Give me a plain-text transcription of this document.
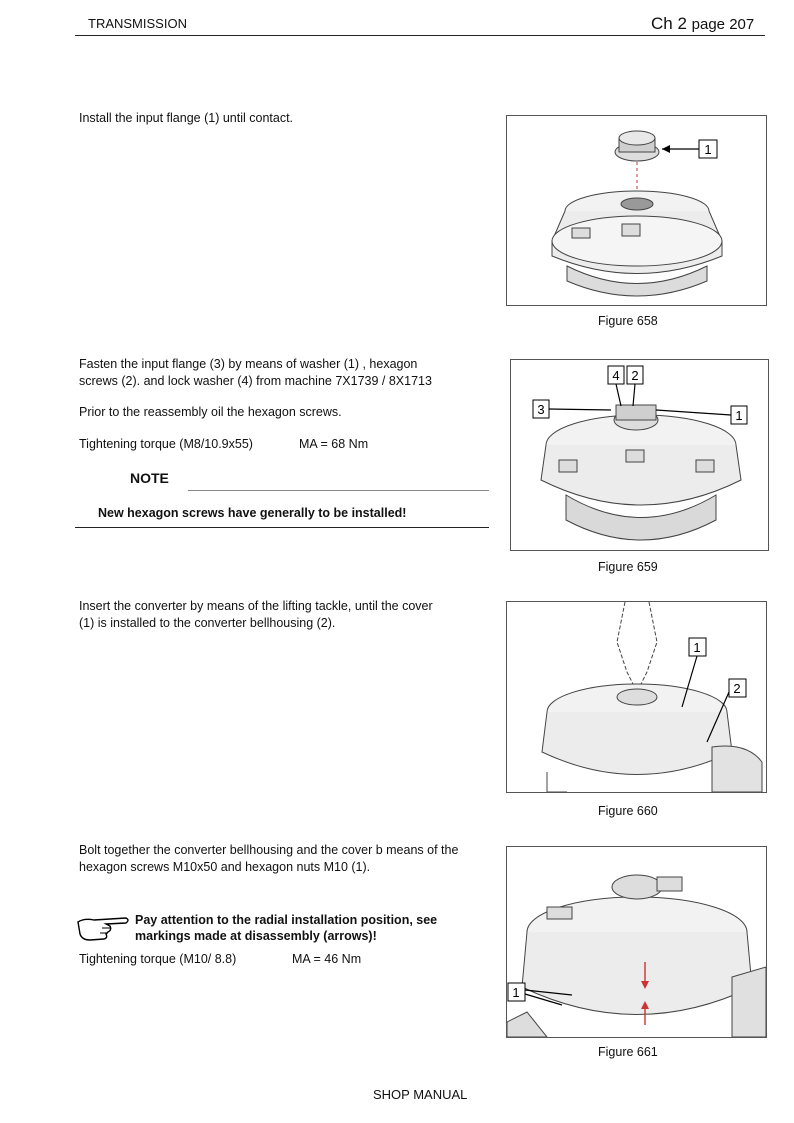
TRANSMISSION	Ch 2 page 207
Install the input flange (1) until contact.
1
Figure 658
Fasten the input flange (3) by means of washer (1) , hexagon
screws (2). and lock washer (4) from machine 7X1739 / 8X1713
Prior to the reassembly oil the hexagon screws.
Tightening torque (M8/10.9x55)	MA = 68 Nm
NOTE
New hexagon screws have generally to be installed!
4 2
3	1
Figure 659
Insert the converter by means of the lifting tackle, until the cover
(1) is installed to the converter bellhousing (2).
1
2
Figure 660
Bolt together the converter bellhousing and the cover b means of the
hexagon screws M10x50 and hexagon nuts M10 (1).
Pay attention to the radial installation position, see
markings made at disassembly (arrows)!
Tightening torque (M10/ 8.8)	MA = 46 Nm
1
Figure 661
SHOP MANUAL
